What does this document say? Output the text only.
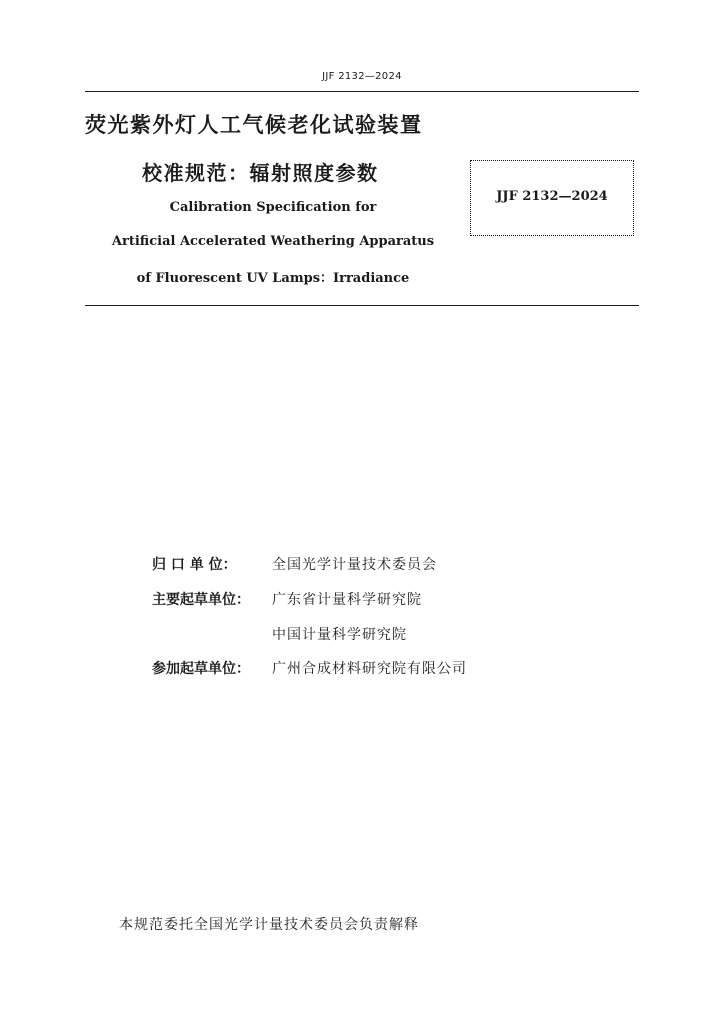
JJF 2132—2024
荧光紫外灯人工气候老化试验装置
校准规范：辐射照度参数
Calibration Specification for
Artificial Accelerated Weathering Apparatus
of Fluorescent UV Lamps：Irradiance
JJF 2132—2024
归 口 单 位：	全国光学计量技术委员会
主要起草单位： 广东省计量科学研究院
中国计量科学研究院
参加起草单位： 广州合成材料研究院有限公司
本规范委托全国光学计量技术委员会负责解释
